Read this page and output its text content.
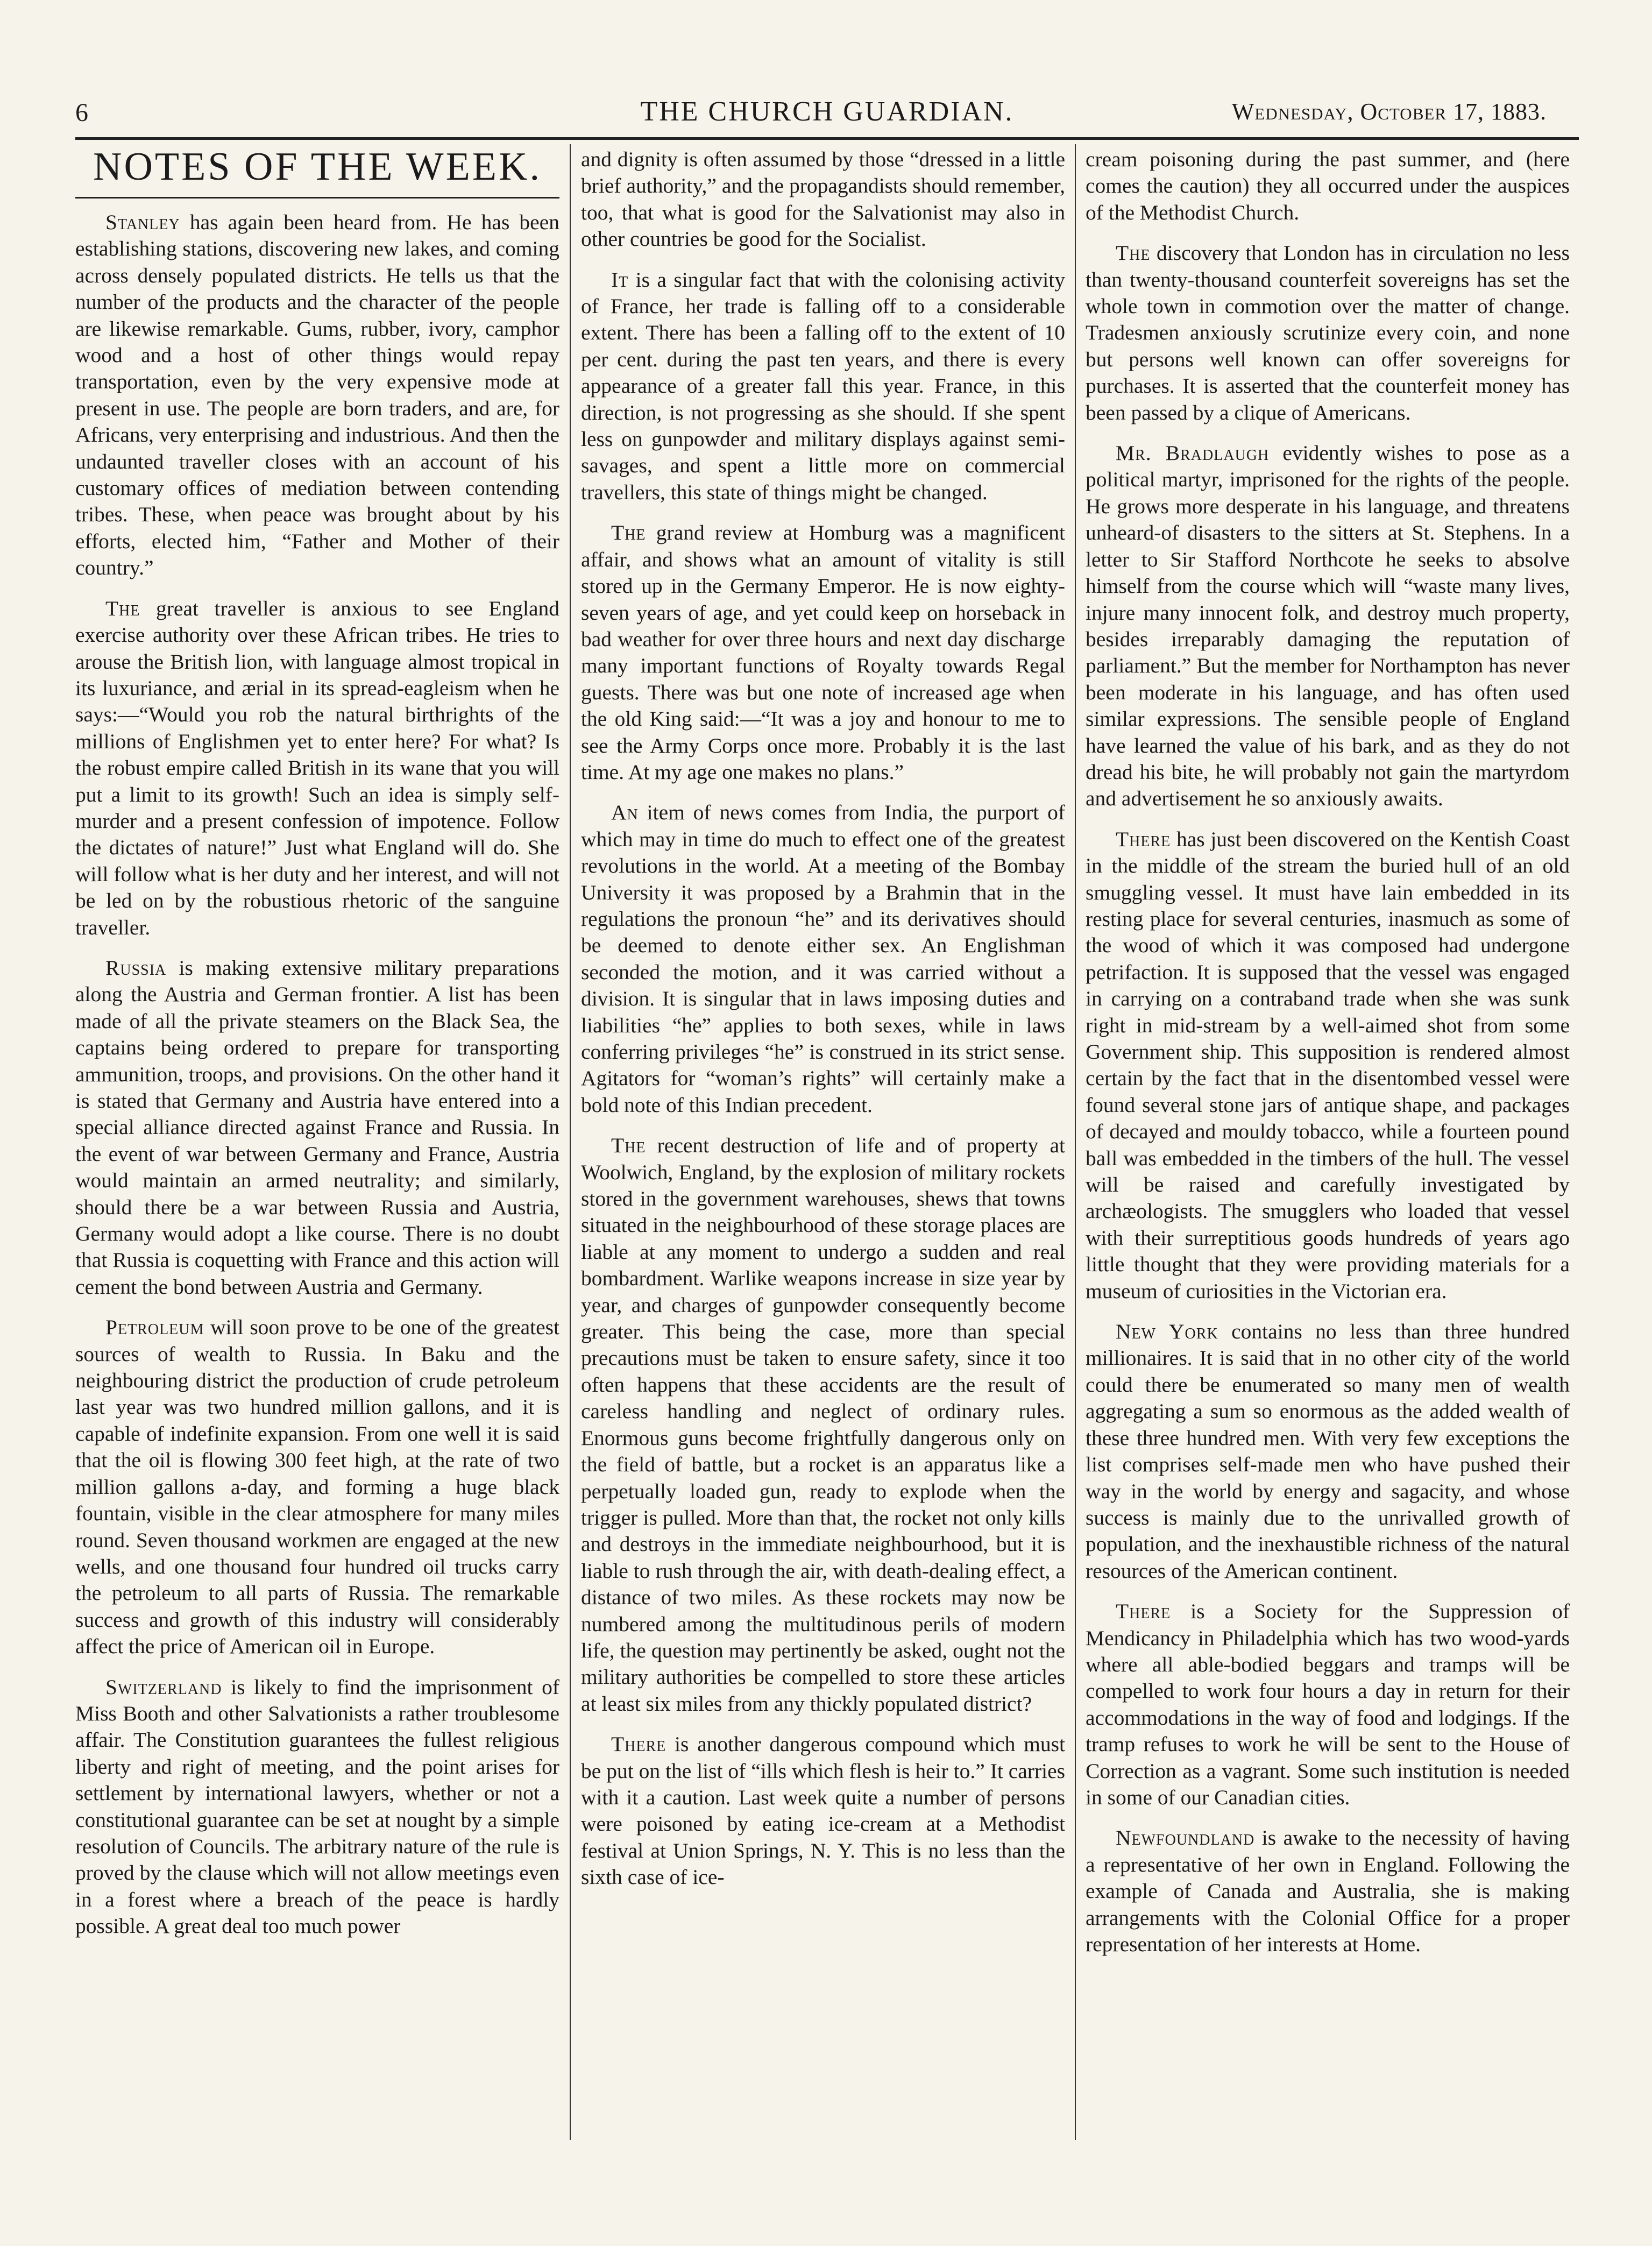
6	THE CHURCH GUARDIAN.	Wednesday, October 17, 1883.
NOTES OF THE WEEK.

Stanley has again been heard from. He has been establishing stations, discovering new lakes, and coming across densely populated districts. He tells us that the number of the products and the character of the people are likewise remarkable. Gums, rubber, ivory, camphor wood and a host of other things would repay transportation, even by the very expensive mode at present in use. The people are born traders, and are, for Africans, very enterprising and industrious. And then the undaunted traveller closes with an account of his customary offices of mediation between contending tribes. These, when peace was brought about by his efforts, elected him, “Father and Mother of their country.”

The great traveller is anxious to see England exercise authority over these African tribes. He tries to arouse the British lion, with language almost tropical in its luxuriance, and ærial in its spread-eagleism when he says:—“Would you rob the natural birthrights of the millions of Englishmen yet to enter here? For what? Is the robust empire called British in its wane that you will put a limit to its growth! Such an idea is simply self-murder and a present confession of impotence. Follow the dictates of nature!” Just what England will do. She will follow what is her duty and her interest, and will not be led on by the robustious rhetoric of the sanguine traveller.

Russia is making extensive military preparations along the Austria and German frontier. A list has been made of all the private steamers on the Black Sea, the captains being ordered to prepare for transporting ammunition, troops, and provisions. On the other hand it is stated that Germany and Austria have entered into a special alliance directed against France and Russia. In the event of war between Germany and France, Austria would maintain an armed neutrality; and similarly, should there be a war between Russia and Austria, Germany would adopt a like course. There is no doubt that Russia is coquetting with France and this action will cement the bond between Austria and Germany.

Petroleum will soon prove to be one of the greatest sources of wealth to Russia. In Baku and the neighbouring district the production of crude petroleum last year was two hundred million gallons, and it is capable of indefinite expansion. From one well it is said that the oil is flowing 300 feet high, at the rate of two million gallons a-day, and forming a huge black fountain, visible in the clear atmosphere for many miles round. Seven thousand workmen are engaged at the new wells, and one thousand four hundred oil trucks carry the petroleum to all parts of Russia. The remarkable success and growth of this industry will considerably affect the price of American oil in Europe.

Switzerland is likely to find the imprisonment of Miss Booth and other Salvationists a rather troublesome affair. The Constitution guarantees the fullest religious liberty and right of meeting, and the point arises for settlement by international lawyers, whether or not a constitutional guarantee can be set at nought by a simple resolution of Councils. The arbitrary nature of the rule is proved by the clause which will not allow meetings even in a forest where a breach of the peace is hardly possible. A great deal too much power

and dignity is often assumed by those “dressed in a little brief authority,” and the propagandists should remember, too, that what is good for the Salvationist may also in other countries be good for the Socialist.

It is a singular fact that with the colonising activity of France, her trade is falling off to a considerable extent. There has been a falling off to the extent of 10 per cent. during the past ten years, and there is every appearance of a greater fall this year. France, in this direction, is not progressing as she should. If she spent less on gunpowder and military displays against semi-savages, and spent a little more on commercial travellers, this state of things might be changed.

The grand review at Homburg was a magnificent affair, and shows what an amount of vitality is still stored up in the Germany Emperor. He is now eighty-seven years of age, and yet could keep on horseback in bad weather for over three hours and next day discharge many important functions of Royalty towards Regal guests. There was but one note of increased age when the old King said:—“It was a joy and honour to me to see the Army Corps once more. Probably it is the last time. At my age one makes no plans.”

An item of news comes from India, the purport of which may in time do much to effect one of the greatest revolutions in the world. At a meeting of the Bombay University it was proposed by a Brahmin that in the regulations the pronoun “he” and its derivatives should be deemed to denote either sex. An Englishman seconded the motion, and it was carried without a division. It is singular that in laws imposing duties and liabilities “he” applies to both sexes, while in laws conferring privileges “he” is construed in its strict sense. Agitators for “woman’s rights” will certainly make a bold note of this Indian precedent.

The recent destruction of life and of property at Woolwich, England, by the explosion of military rockets stored in the government warehouses, shews that towns situated in the neighbourhood of these storage places are liable at any moment to undergo a sudden and real bombardment. Warlike weapons increase in size year by year, and charges of gunpowder consequently become greater. This being the case, more than special precautions must be taken to ensure safety, since it too often happens that these accidents are the result of careless handling and neglect of ordinary rules. Enormous guns become frightfully dangerous only on the field of battle, but a rocket is an apparatus like a perpetually loaded gun, ready to explode when the trigger is pulled. More than that, the rocket not only kills and destroys in the immediate neighbourhood, but it is liable to rush through the air, with death-dealing effect, a distance of two miles. As these rockets may now be numbered among the multitudinous perils of modern life, the question may pertinently be asked, ought not the military authorities be compelled to store these articles at least six miles from any thickly populated district?

There is another dangerous compound which must be put on the list of “ills which flesh is heir to.” It carries with it a caution. Last week quite a number of persons were poisoned by eating ice-cream at a Methodist festival at Union Springs, N. Y. This is no less than the sixth case of ice-

cream poisoning during the past summer, and (here comes the caution) they all occurred under the auspices of the Methodist Church.

The discovery that London has in circulation no less than twenty-thousand counterfeit sovereigns has set the whole town in commotion over the matter of change. Tradesmen anxiously scrutinize every coin, and none but persons well known can offer sovereigns for purchases. It is asserted that the counterfeit money has been passed by a clique of Americans.

Mr. Bradlaugh evidently wishes to pose as a political martyr, imprisoned for the rights of the people. He grows more desperate in his language, and threatens unheard-of disasters to the sitters at St. Stephens. In a letter to Sir Stafford Northcote he seeks to absolve himself from the course which will “waste many lives, injure many innocent folk, and destroy much property, besides irreparably damaging the reputation of parliament.” But the member for Northampton has never been moderate in his language, and has often used similar expressions. The sensible people of England have learned the value of his bark, and as they do not dread his bite, he will probably not gain the martyrdom and advertisement he so anxiously awaits.

There has just been discovered on the Kentish Coast in the middle of the stream the buried hull of an old smuggling vessel. It must have lain embedded in its resting place for several centuries, inasmuch as some of the wood of which it was composed had undergone petrifaction. It is supposed that the vessel was engaged in carrying on a contraband trade when she was sunk right in mid-stream by a well-aimed shot from some Government ship. This supposition is rendered almost certain by the fact that in the disentombed vessel were found several stone jars of antique shape, and packages of decayed and mouldy tobacco, while a fourteen pound ball was embedded in the timbers of the hull. The vessel will be raised and carefully investigated by archæologists. The smugglers who loaded that vessel with their surreptitious goods hundreds of years ago little thought that they were providing materials for a museum of curiosities in the Victorian era.

New York contains no less than three hundred millionaires. It is said that in no other city of the world could there be enumerated so many men of wealth aggregating a sum so enormous as the added wealth of these three hundred men. With very few exceptions the list comprises self-made men who have pushed their way in the world by energy and sagacity, and whose success is mainly due to the unrivalled growth of population, and the inexhaustible richness of the natural resources of the American continent.

There is a Society for the Suppression of Mendicancy in Philadelphia which has two wood-yards where all able-bodied beggars and tramps will be compelled to work four hours a day in return for their accommodations in the way of food and lodgings. If the tramp refuses to work he will be sent to the House of Correction as a vagrant. Some such institution is needed in some of our Canadian cities.

Newfoundland is awake to the necessity of having a representative of her own in England. Following the example of Canada and Australia, she is making arrangements with the Colonial Office for a proper representation of her interests at Home.
